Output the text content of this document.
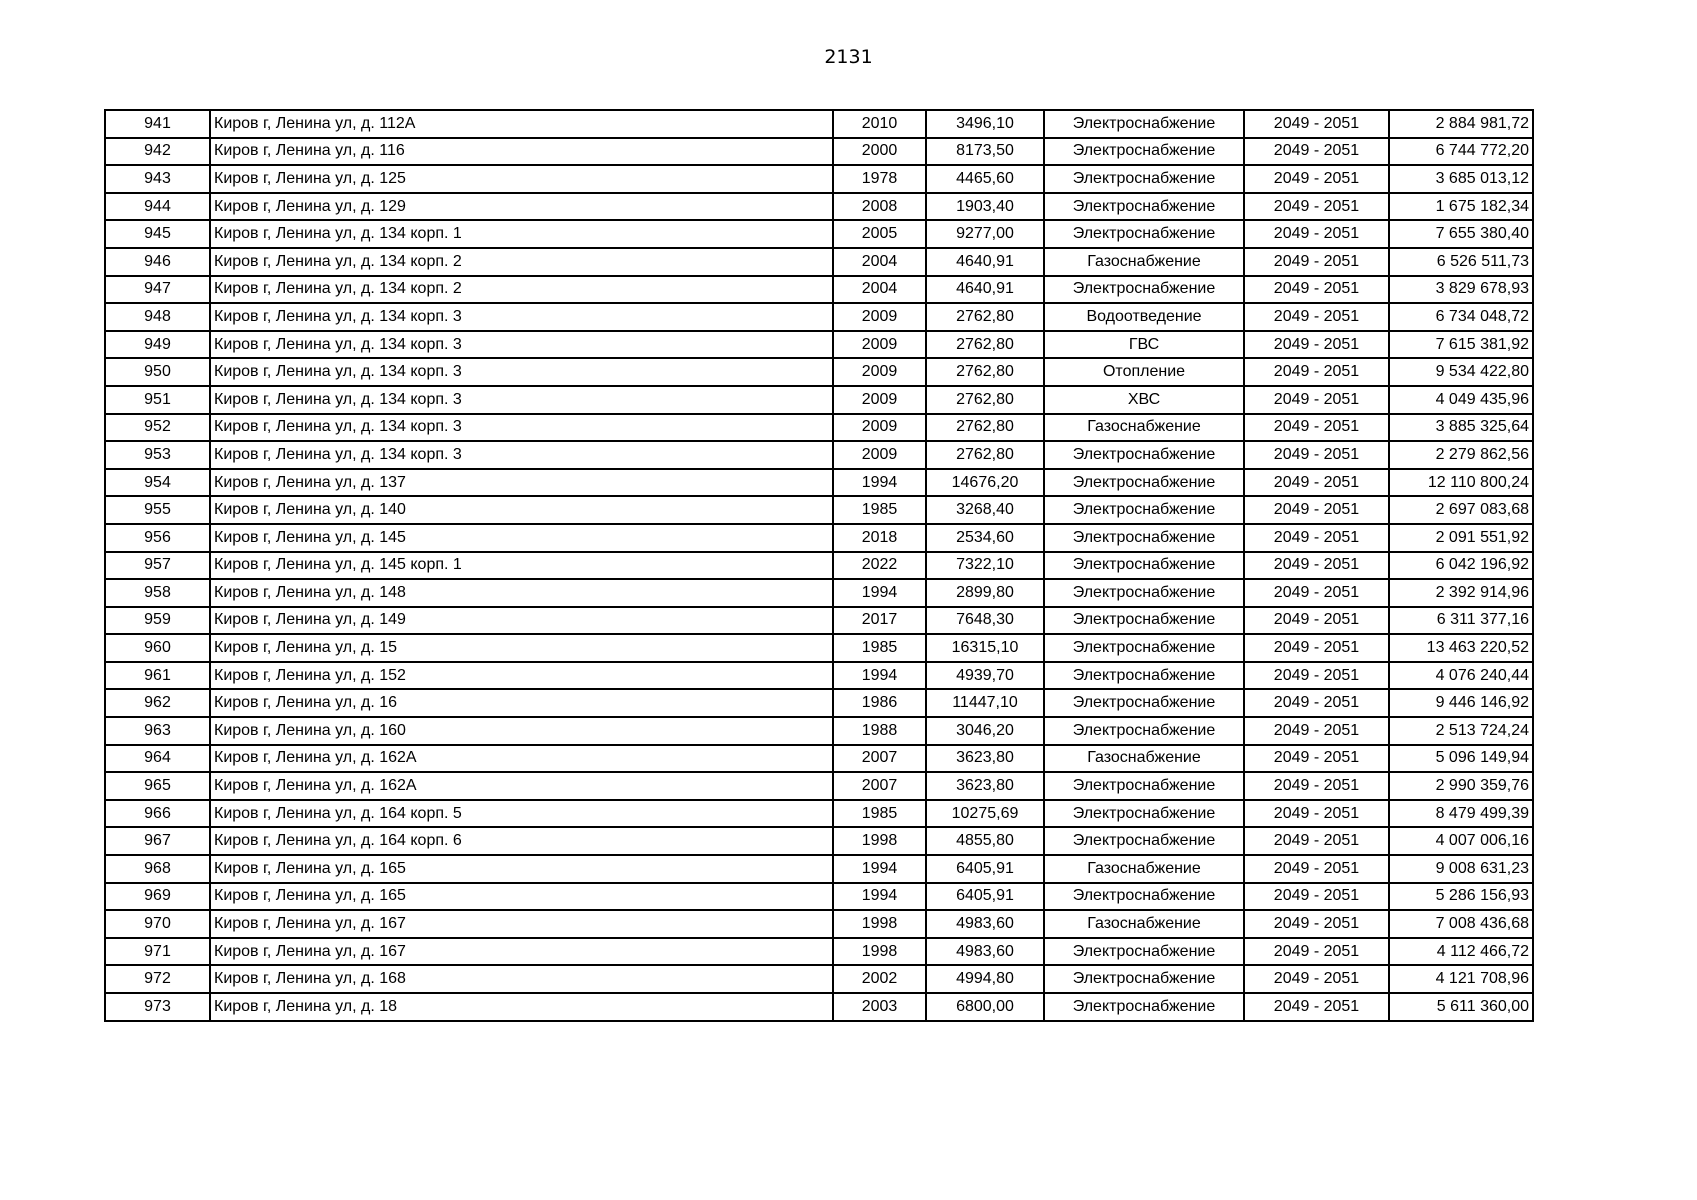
2131
941	Киров г, Ленина ул, д. 112А	2010	3496,10	Электроснабжение	2049 - 2051	2 884 981,72
942	Киров г, Ленина ул, д. 116	2000	8173,50	Электроснабжение	2049 - 2051	6 744 772,20
943	Киров г, Ленина ул, д. 125	1978	4465,60	Электроснабжение	2049 - 2051	3 685 013,12
944	Киров г, Ленина ул, д. 129	2008	1903,40	Электроснабжение	2049 - 2051	1 675 182,34
945	Киров г, Ленина ул, д. 134 корп. 1	2005	9277,00	Электроснабжение	2049 - 2051	7 655 380,40
946	Киров г, Ленина ул, д. 134 корп. 2	2004	4640,91	Газоснабжение	2049 - 2051	6 526 511,73
947	Киров г, Ленина ул, д. 134 корп. 2	2004	4640,91	Электроснабжение	2049 - 2051	3 829 678,93
948	Киров г, Ленина ул, д. 134 корп. 3	2009	2762,80	Водоотведение	2049 - 2051	6 734 048,72
949	Киров г, Ленина ул, д. 134 корп. 3	2009	2762,80	ГВС	2049 - 2051	7 615 381,92
950	Киров г, Ленина ул, д. 134 корп. 3	2009	2762,80	Отопление	2049 - 2051	9 534 422,80
951	Киров г, Ленина ул, д. 134 корп. 3	2009	2762,80	ХВС	2049 - 2051	4 049 435,96
952	Киров г, Ленина ул, д. 134 корп. 3	2009	2762,80	Газоснабжение	2049 - 2051	3 885 325,64
953	Киров г, Ленина ул, д. 134 корп. 3	2009	2762,80	Электроснабжение	2049 - 2051	2 279 862,56
954	Киров г, Ленина ул, д. 137	1994	14676,20	Электроснабжение	2049 - 2051	12 110 800,24
955	Киров г, Ленина ул, д. 140	1985	3268,40	Электроснабжение	2049 - 2051	2 697 083,68
956	Киров г, Ленина ул, д. 145	2018	2534,60	Электроснабжение	2049 - 2051	2 091 551,92
957	Киров г, Ленина ул, д. 145 корп. 1	2022	7322,10	Электроснабжение	2049 - 2051	6 042 196,92
958	Киров г, Ленина ул, д. 148	1994	2899,80	Электроснабжение	2049 - 2051	2 392 914,96
959	Киров г, Ленина ул, д. 149	2017	7648,30	Электроснабжение	2049 - 2051	6 311 377,16
960	Киров г, Ленина ул, д. 15	1985	16315,10	Электроснабжение	2049 - 2051	13 463 220,52
961	Киров г, Ленина ул, д. 152	1994	4939,70	Электроснабжение	2049 - 2051	4 076 240,44
962	Киров г, Ленина ул, д. 16	1986	11447,10	Электроснабжение	2049 - 2051	9 446 146,92
963	Киров г, Ленина ул, д. 160	1988	3046,20	Электроснабжение	2049 - 2051	2 513 724,24
964	Киров г, Ленина ул, д. 162А	2007	3623,80	Газоснабжение	2049 - 2051	5 096 149,94
965	Киров г, Ленина ул, д. 162А	2007	3623,80	Электроснабжение	2049 - 2051	2 990 359,76
966	Киров г, Ленина ул, д. 164 корп. 5	1985	10275,69	Электроснабжение	2049 - 2051	8 479 499,39
967	Киров г, Ленина ул, д. 164 корп. 6	1998	4855,80	Электроснабжение	2049 - 2051	4 007 006,16
968	Киров г, Ленина ул, д. 165	1994	6405,91	Газоснабжение	2049 - 2051	9 008 631,23
969	Киров г, Ленина ул, д. 165	1994	6405,91	Электроснабжение	2049 - 2051	5 286 156,93
970	Киров г, Ленина ул, д. 167	1998	4983,60	Газоснабжение	2049 - 2051	7 008 436,68
971	Киров г, Ленина ул, д. 167	1998	4983,60	Электроснабжение	2049 - 2051	4 112 466,72
972	Киров г, Ленина ул, д. 168	2002	4994,80	Электроснабжение	2049 - 2051	4 121 708,96
973	Киров г, Ленина ул, д. 18	2003	6800,00	Электроснабжение	2049 - 2051	5 611 360,00
